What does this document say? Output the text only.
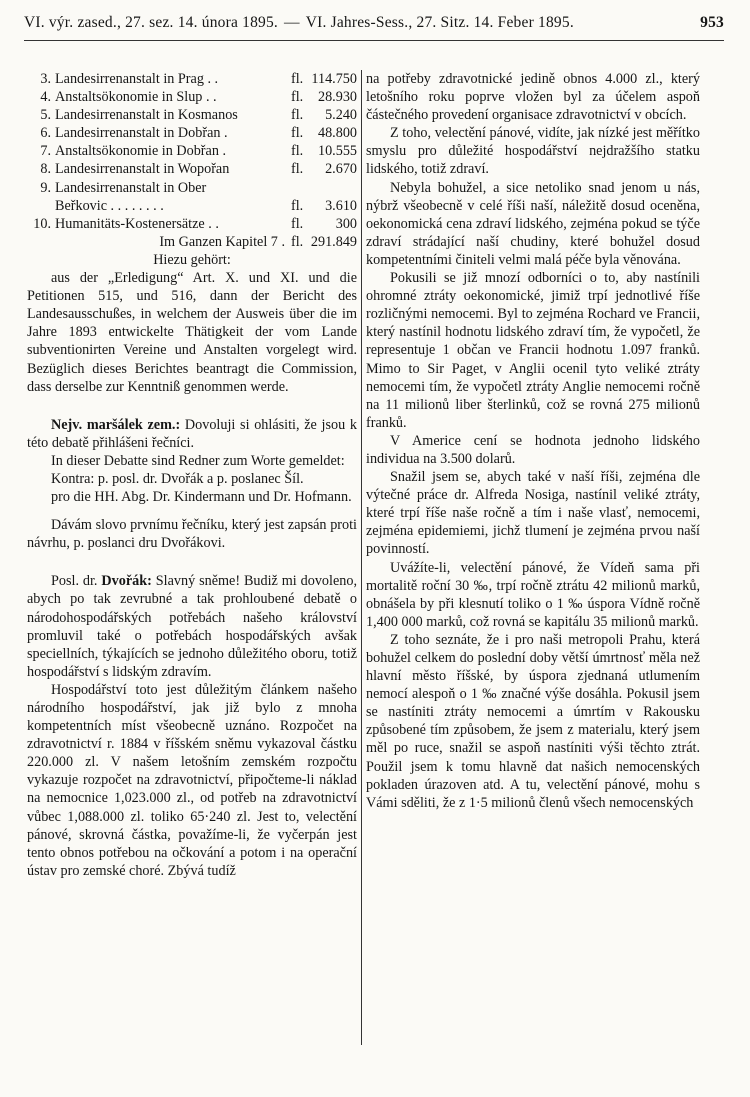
VI. výr. zased., 27. sez. 14. února 1895. — VI. Jahres-Sess., 27. Sitz. 14. Feber 1895.	953
3. Landesirrenanstalt in Prag . .	fl. 114.750
4. Anstaltsökonomie in Slup . .	fl.	28.930
5. Landesirrenanstalt in Kosmanos	fl.	5.240
6. Landesirrenanstalt in Dobřan .	fl.	48.800
7. Anstaltsökonomie in Dobřan .	fl.	10.555
8. Landesirrenanstalt in Wopořan	fl.	2.670
9. Landesirrenanstalt in Ober
Beřkovic . . . . . . . .	fl.	3.610
10. Humanitäts-Kostenersätze . .	fl.	300
Im Ganzen Kapitel 7 . fl. 291.849

Hiezu gehört:

aus der „Erledigung“ Art. X. und XI. und die Petitionen 515, und 516, dann der Bericht des Landesausschußes, in welchem der Ausweis über die im Jahre 1893 entwickelte Thätigkeit der vom Lande subventionirten Vereine und Anstalten vorgelegt wird. Bezüglich dieses Berichtes beantragt die Commission, dass derselbe zur Kenntniß genommen werde.

Nejv. maršálek zem.: Dovoluji si ohlásiti, že jsou k této debatě přihlášeni řečníci.

In dieser Debatte sind Redner zum Worte gemeldet:

Kontra: p. posl. dr. Dvořák a p. poslanec Šíl.

pro die HH. Abg. Dr. Kindermann und Dr. Hofmann.

Dávám slovo prvnímu řečníku, který jest zapsán proti návrhu, p. poslanci dru Dvořákovi.

Posl. dr. Dvořák: Slavný sněme! Budiž mi dovoleno, abych po tak zevrubné a tak prohloubené debatě o národohospodářských potřebách našeho království promluvil také o potřebách hospodářských avšak speciellních, týkajících se jednoho důležitého oboru, totiž hospodářství s lidským zdravím.

Hospodářství toto jest důležitým článkem našeho národního hospodářství, jak již bylo z mnoha kompetentních míst všeobecně uznáno. Rozpočet na zdravotnictví r. 1884 v říšském sněmu vykazoval částku 220.000 zl. V našem letošním zemském rozpočtu vykazuje rozpočet na zdravotnictví, připočteme-li náklad na nemocnice 1,023.000 zl., od potřeb na zdravotnictví vůbec 1,088.000 zl. toliko 65·240 zl. Jest to, velectění pánové, skrovná částka, považíme-li, že vyčerpán jest tento obnos potřebou na očkování a potom i na operační ústav pro zemské choré. Zbývá tudíž

na potřeby zdravotnické jedině obnos 4.000 zl., který letošního roku poprve vložen byl za účelem aspoň částečného provedení organisace zdravotnictví v obcích.

Z toho, velectění pánové, vidíte, jak nízké jest měřítko smyslu pro důležité hospodářství nejdražšího statku lidského, totiž zdraví.

Nebyla bohužel, a sice netoliko snad jenom u nás, nýbrž všeobecně v celé říši naší, náležitě dosud oceněna, oekonomická cena zdraví lidského, zejména pokud se týče zdraví strádající naší chudiny, které bohužel dosud kompetentními činiteli velmi malá péče byla věnována.

Pokusili se již mnozí odborníci o to, aby nastínili ohromné ztráty oekonomické, jimiž trpí jednotlivé říše rozličnými nemocemi. Byl to zejména Rochard ve Francii, který nastínil hodnotu lidského zdraví tím, že vypočetl, že representuje 1 občan ve Francii hodnotu 1.097 franků. Mimo to Sir Paget, v Anglii ocenil tyto veliké ztráty nemocemi tím, že vypočetl ztráty Anglie nemocemi ročně na 11 milionů liber šterlinků, což se rovná 275 milionů franků.

V Americe cení se hodnota jednoho lidského individua na 3.500 dolarů.

Snažil jsem se, abych také v naší říši, zejména dle výtečné práce dr. Alfreda Nosiga, nastínil veliké ztráty, které trpí říše naše ročně a tím i naše vlasť, nemocemi, zejména epidemiemi, jichž tlumení je zejména prvou naší povinností.

Uvážíte-li, velectění pánové, že Vídeň sama při mortalitě roční 30 ‰, trpí ročně ztrátu 42 milionů marků, obnášela by při klesnutí toliko o 1 ‰ úspora Vídně ročně 1,400 000 marků, což rovná se kapitálu 35 milionů marků.

Z toho seznáte, že i pro naši metropoli Prahu, která bohužel celkem do poslední doby větší úmrtnosť měla než hlavní město říšské, by úspora zjednaná utlumením nemocí alespoň o 1 ‰ značné výše dosáhla. Pokusil jsem se nastíniti ztráty nemocemi a úmrtím v Rakousku způsobené tím způsobem, že jsem z materialu, který jsem měl po ruce, snažil se aspoň nastíniti výši těchto ztrát. Použil jsem k tomu hlavně dat našich nemocenských pokladen úrazoven atd. A tu, velectění pánové, mohu s Vámi sděliti, že z 1·5 milionů členů všech nemocenských
